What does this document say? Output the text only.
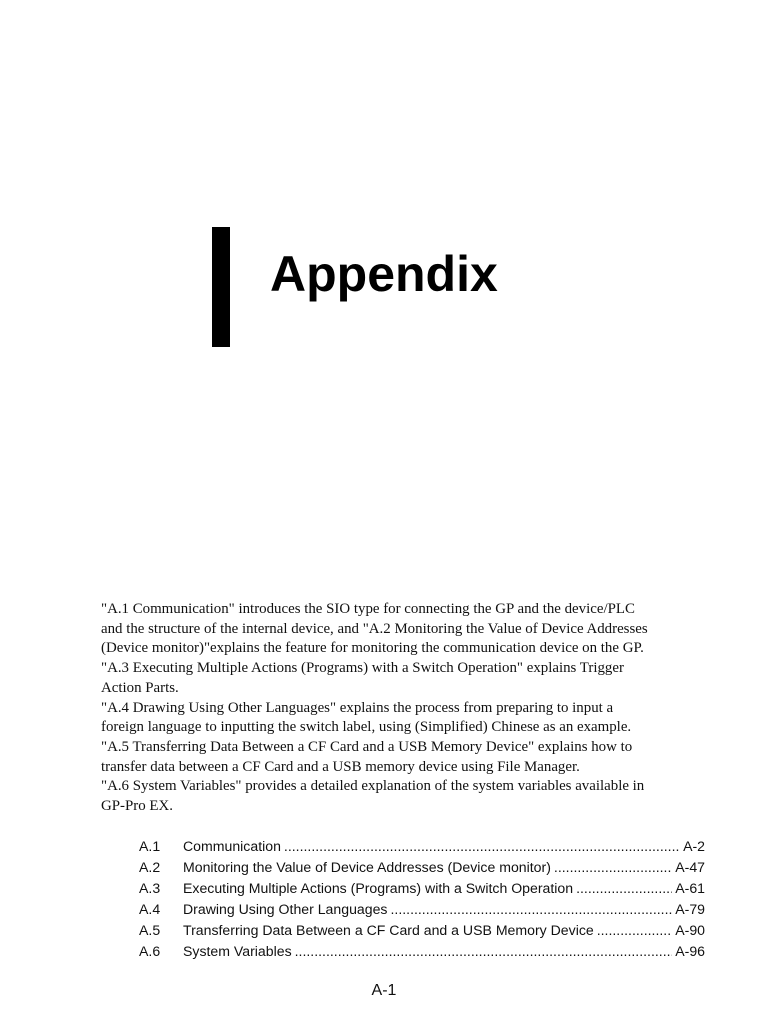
Appendix
"A.1 Communication" introduces the SIO type for connecting the GP and the device/PLC
and the structure of the internal device, and "A.2 Monitoring the Value of Device Addresses
(Device monitor)"explains the feature for monitoring the communication device on the GP.
"A.3 Executing Multiple Actions (Programs) with a Switch Operation" explains Trigger
Action Parts.
"A.4 Drawing Using Other Languages" explains the process from preparing to input a
foreign language to inputting the switch label, using (Simplified) Chinese as an example.
"A.5 Transferring Data Between a CF Card and a USB Memory Device" explains how to
transfer data between a CF Card and a USB memory device using File Manager.
"A.6 System Variables" provides a detailed explanation of the system variables available in
GP-Pro EX.
A.1	Communication .....	A-2
A.2	Monitoring the Value of Device Addresses (Device monitor) .....	A-47
A.3	Executing Multiple Actions (Programs) with a Switch Operation .....	A-61
A.4	Drawing Using Other Languages .....	A-79
A.5	Transferring Data Between a CF Card and a USB Memory Device .....	A-90
A.6	System Variables .....	A-96
A-1
